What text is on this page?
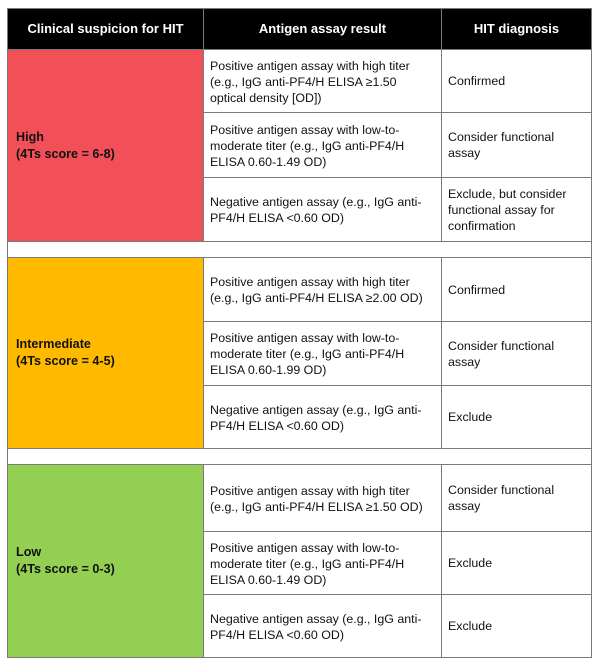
Clinical suspicion for HIT	Antigen assay result	HIT diagnosis

High
(4Ts score = 6-8)	Positive antigen assay with high titer (e.g., IgG anti-PF4/H ELISA ≥1.50 optical density [OD])	Confirmed
	Positive antigen assay with low-to-moderate titer (e.g., IgG anti-PF4/H ELISA 0.60-1.49 OD)	Consider functional assay
	Negative antigen assay (e.g., IgG anti-PF4/H ELISA <0.60 OD)	Exclude, but consider functional assay for confirmation

Intermediate
(4Ts score = 4-5)	Positive antigen assay with high titer (e.g., IgG anti-PF4/H ELISA ≥2.00 OD)	Confirmed
	Positive antigen assay with low-to-moderate titer (e.g., IgG anti-PF4/H ELISA 0.60-1.99 OD)	Consider functional assay
	Negative antigen assay (e.g., IgG anti-PF4/H ELISA <0.60 OD)	Exclude

Low
(4Ts score = 0-3)	Positive antigen assay with high titer (e.g., IgG anti-PF4/H ELISA ≥1.50 OD)	Consider functional assay
	Positive antigen assay with low-to-moderate titer (e.g., IgG anti-PF4/H ELISA 0.60-1.49 OD)	Exclude
	Negative antigen assay (e.g., IgG anti-PF4/H ELISA <0.60 OD)	Exclude
